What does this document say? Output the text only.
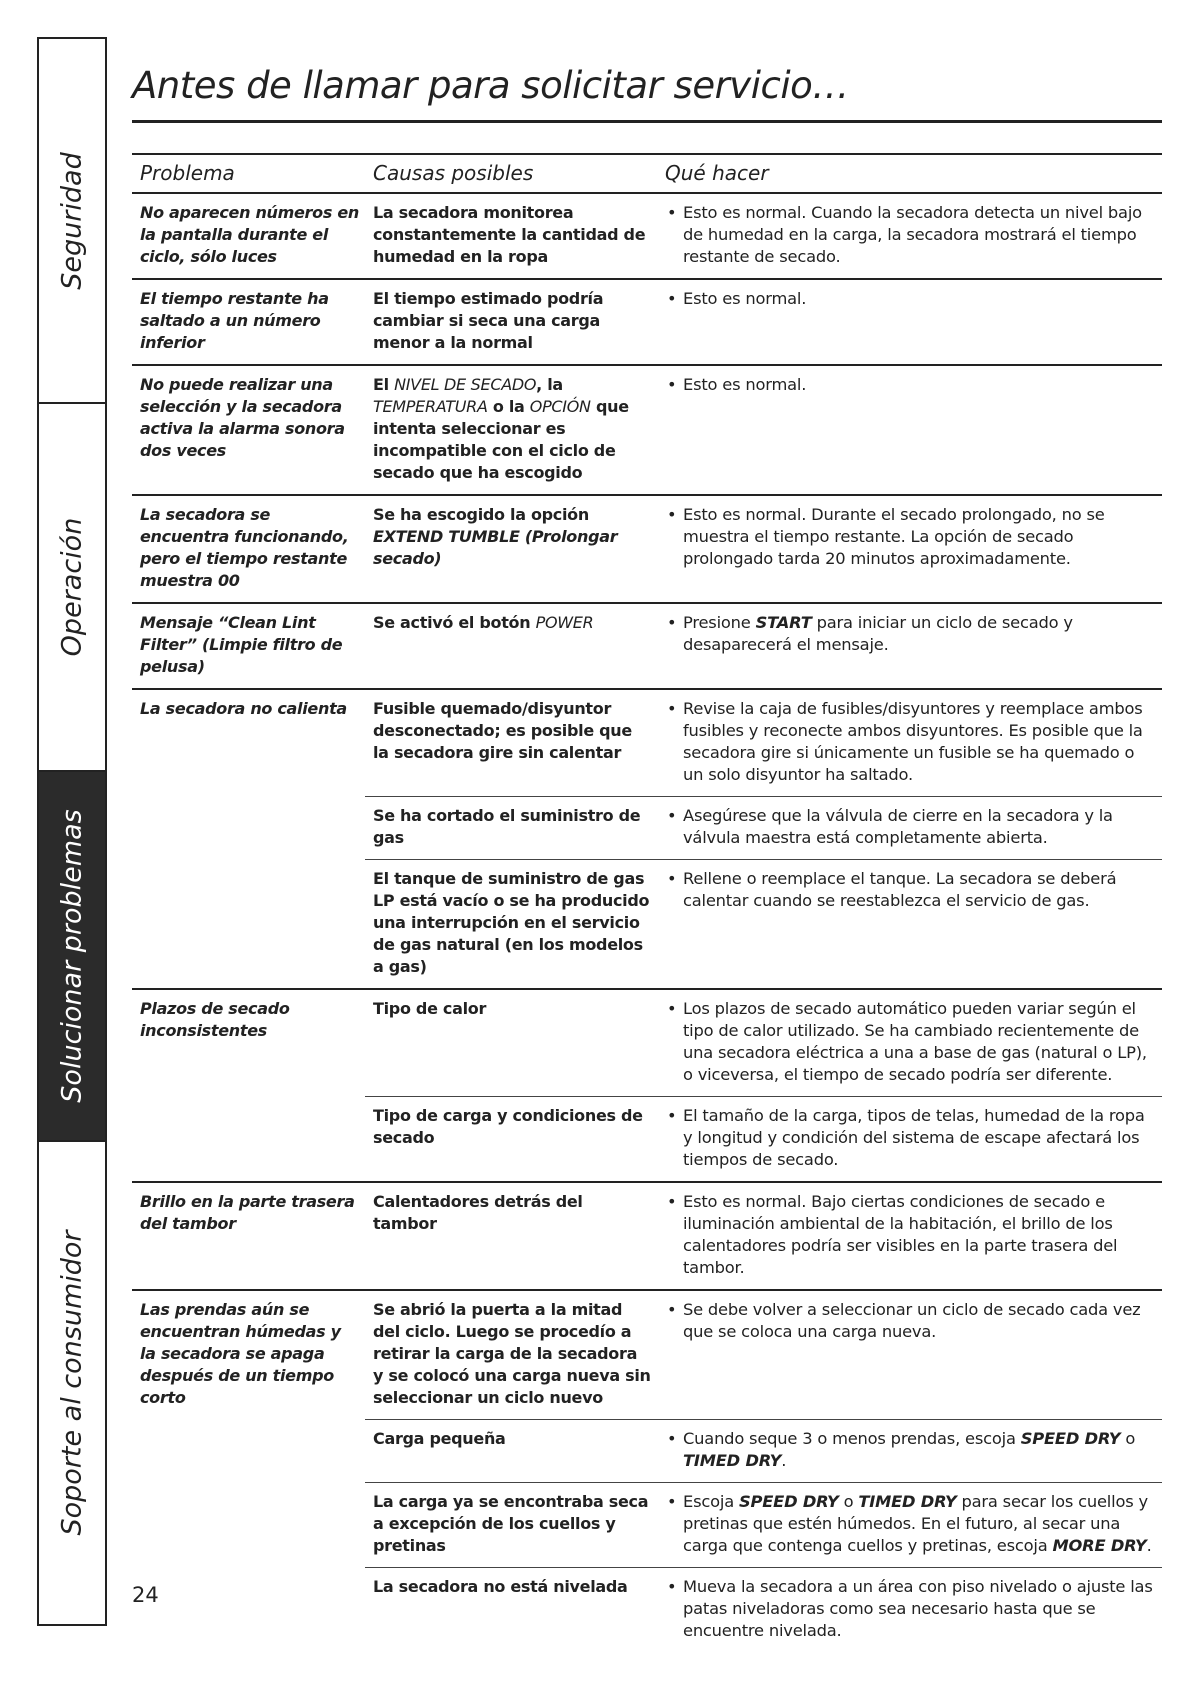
Seguridad
Operación
Solucionar problemas
Soporte al consumidor
Antes de llamar para solicitar servicio…
Problema	Causas posibles	Qué hacer
No aparecen números en la pantalla durante el ciclo, sólo luces	La secadora monitorea constantemente la cantidad de humedad en la ropa	• Esto es normal. Cuando la secadora detecta un nivel bajo de humedad en la carga, la secadora mostrará el tiempo restante de secado.

El tiempo restante ha saltado a un número inferior	El tiempo estimado podría cambiar si seca una carga menor a la normal	• Esto es normal.

No puede realizar una selección y la secadora activa la alarma sonora dos veces	El NIVEL DE SECADO, la TEMPERATURA o la OPCIÓN que intenta seleccionar es incompatible con el ciclo de secado que ha escogido	• Esto es normal.

La secadora se encuentra funcionando, pero el tiempo restante muestra 00	Se ha escogido la opción EXTEND TUMBLE (Prolongar secado)	• Esto es normal. Durante el secado prolongado, no se muestra el tiempo restante. La opción de secado prolongado tarda 20 minutos aproximadamente.

Mensaje “Clean Lint Filter” (Limpie filtro de pelusa)	Se activó el botón POWER	• Presione START para iniciar un ciclo de secado y desaparecerá el mensaje.

La secadora no calienta	Fusible quemado/disyuntor desconectado; es posible que la secadora gire sin calentar	• Revise la caja de fusibles/disyuntores y reemplace ambos fusibles y reconecte ambos disyuntores. Es posible que la secadora gire si únicamente un fusible se ha quemado o un solo disyuntor ha saltado.

	Se ha cortado el suministro de gas	• Asegúrese que la válvula de cierre en la secadora y la válvula maestra está completamente abierta.

	El tanque de suministro de gas LP está vacío o se ha producido una interrupción en el servicio de gas natural (en los modelos a gas)	• Rellene o reemplace el tanque. La secadora se deberá calentar cuando se reestablezca el servicio de gas.

Plazos de secado inconsistentes	Tipo de calor	• Los plazos de secado automático pueden variar según el tipo de calor utilizado. Se ha cambiado recientemente de una secadora eléctrica a una a base de gas (natural o LP), o viceversa, el tiempo de secado podría ser diferente.

	Tipo de carga y condiciones de secado	• El tamaño de la carga, tipos de telas, humedad de la ropa y longitud y condición del sistema de escape afectará los tiempos de secado.

Brillo en la parte trasera del tambor	Calentadores detrás del tambor	• Esto es normal. Bajo ciertas condiciones de secado e iluminación ambiental de la habitación, el brillo de los calentadores podría ser visibles en la parte trasera del tambor.

Las prendas aún se encuentran húmedas y la secadora se apaga después de un tiempo corto	Se abrió la puerta a la mitad del ciclo. Luego se procedío a retirar la carga de la secadora y se colocó una carga nueva sin seleccionar un ciclo nuevo	• Se debe volver a seleccionar un ciclo de secado cada vez que se coloca una carga nueva.

	Carga pequeña	• Cuando seque 3 o menos prendas, escoja SPEED DRY o TIMED DRY.

	La carga ya se encontraba seca a excepción de los cuellos y pretinas	• Escoja SPEED DRY o TIMED DRY para secar los cuellos y pretinas que estén húmedos. En el futuro, al secar una carga que contenga cuellos y pretinas, escoja MORE DRY.

	La secadora no está nivelada	• Mueva la secadora a un área con piso nivelado o ajuste las patas niveladoras como sea necesario hasta que se encuentre nivelada.
24
